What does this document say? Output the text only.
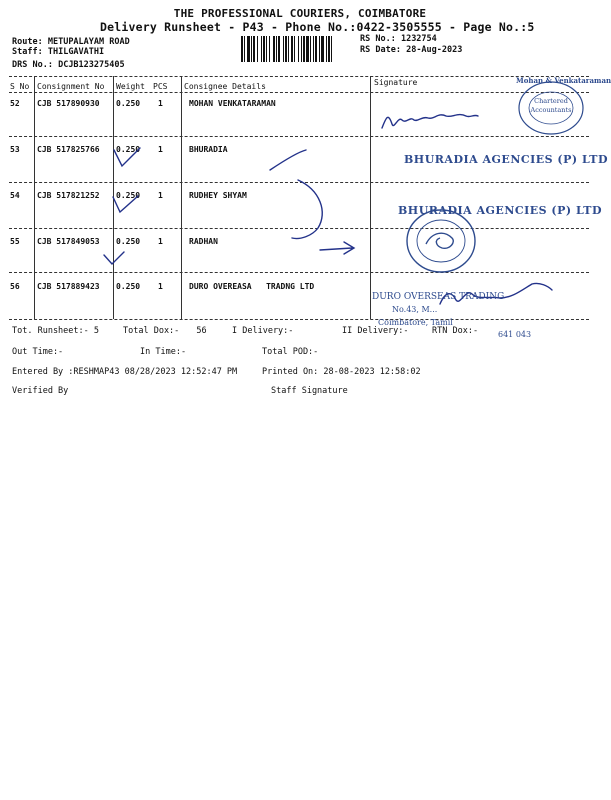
THE PROFESSIONAL COURIERS, COIMBATORE
Delivery Runsheet - P43 - Phone No.:0422-3505555 - Page No.:5
Route: METUPALAYAM ROAD
Staff: THILGAVATHI
DRS No.: DCJB123275405
RS No.: 1232754
RS Date: 28-Aug-2023
S No Consignment No Weight PCS Consignee Details	Signature
52 CJB 517890930 0.250 1	MOHAN VENKATARAMAN
53 CJB 517825766 0.250 1	BHURADIA
54 CJB 517821252 0.250 1	RUDHEY SHYAM
55 CJB 517849053 0.250 1	RADHAN
56 CJB 517889423 0.250 1	DURO OVEREASA   TRADNG LTD
Mohan & Venkataraman
Chartered
Accountants
BHURADIA AGENCIES (P) LTD
BHURADIA AGENCIES (P) LTD
DURO OVERSEAS TRADING
No.43, M...
Coimbatore, Tamil
641 043
Tot. Runsheet:- 5	Total Dox:- 56	I Delivery:-	II Delivery:-	RTN Dox:-
Out Time:-	In Time:-	Total POD:-
Entered By :RESHMAP43 08/28/2023 12:52:47 PM	Printed On: 28-08-2023 12:58:02
Verified By	Staff Signature
